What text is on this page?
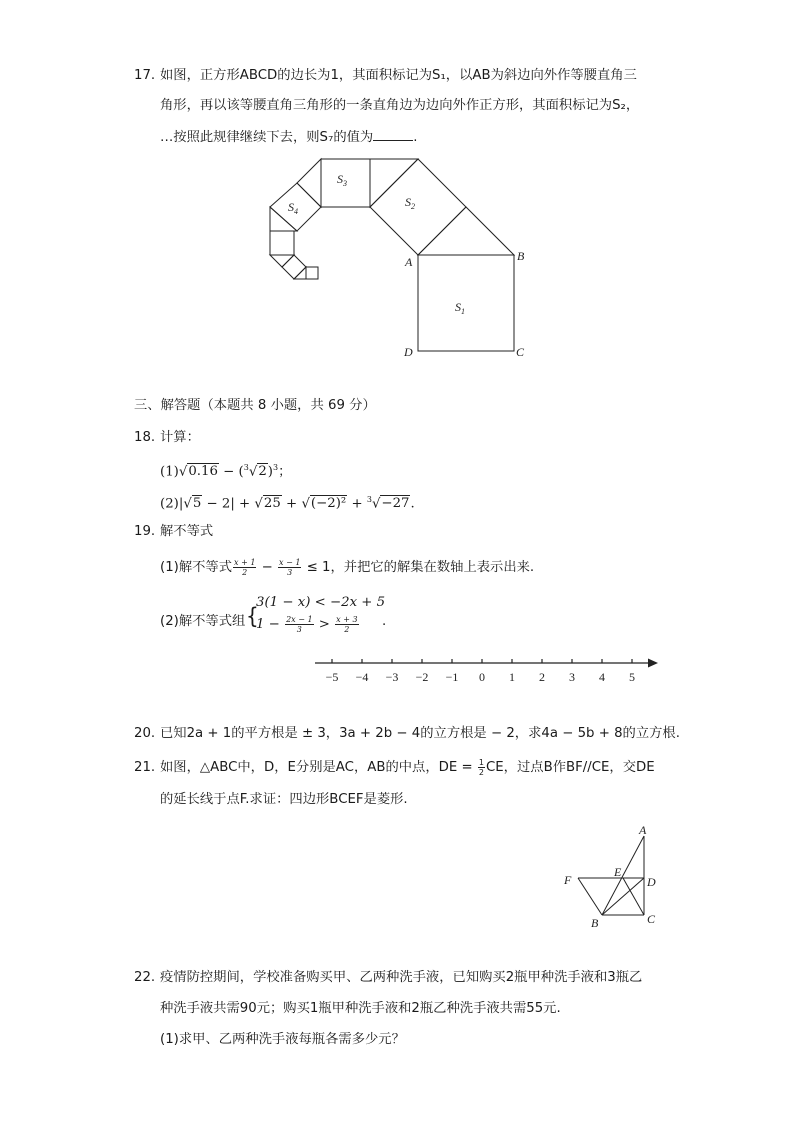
17. 如图，正方形ABCD的边长为1，其面积标记为S₁，以AB为斜边向外作等腰直角三
角形，再以该等腰直角三角形的一条直角边为边向外作正方形，其面积标记为S₂，
…按照此规律继续下去，则S₇的值为	.
$S_1$
$S_2$
$S_3$
$S_4$
A	B
C
D
三、解答题（本题共 8 小题，共 69 分）
18. 计算：
$(1)√0.16 - (^3√2)^3$；
(2)|√5 − 2| + √25 + √(−2)² + $^3$√−27.
19. 解不等式
(1)解不等式 $\frac{x + 1}{2} - \frac{x - 1}{3} \le 1$，并把它的解集在数轴上表示出来.
(2)解不等式组 {
3(1 − x) < −2x + 5
$1 - \frac{2x - 1}{3} > \frac{x + 3}{2}$ .
−5 −4 −3 −2 −1 0 1 2 3 4 5
20. 已知2a + 1的平方根是 ± 3，3a + 2b − 4的立方根是 − 2，求4a − 5b + 8的立方根.
21. 如图，△ABC中，D，E分别是AC，AB的中点，DE = $\frac{1}{2}$ CE，过点B作BF//CE，交DE
的延长线于点F.求证：四边形BCEF是菱形.
A
B	C
D
E
F
22. 疫情防控期间，学校准备购买甲、乙两种洗手液，已知购买2瓶甲种洗手液和3瓶乙
种洗手液共需90元；购买1瓶甲种洗手液和2瓶乙种洗手液共需55元.
(1)求甲、乙两种洗手液每瓶各需多少元？
